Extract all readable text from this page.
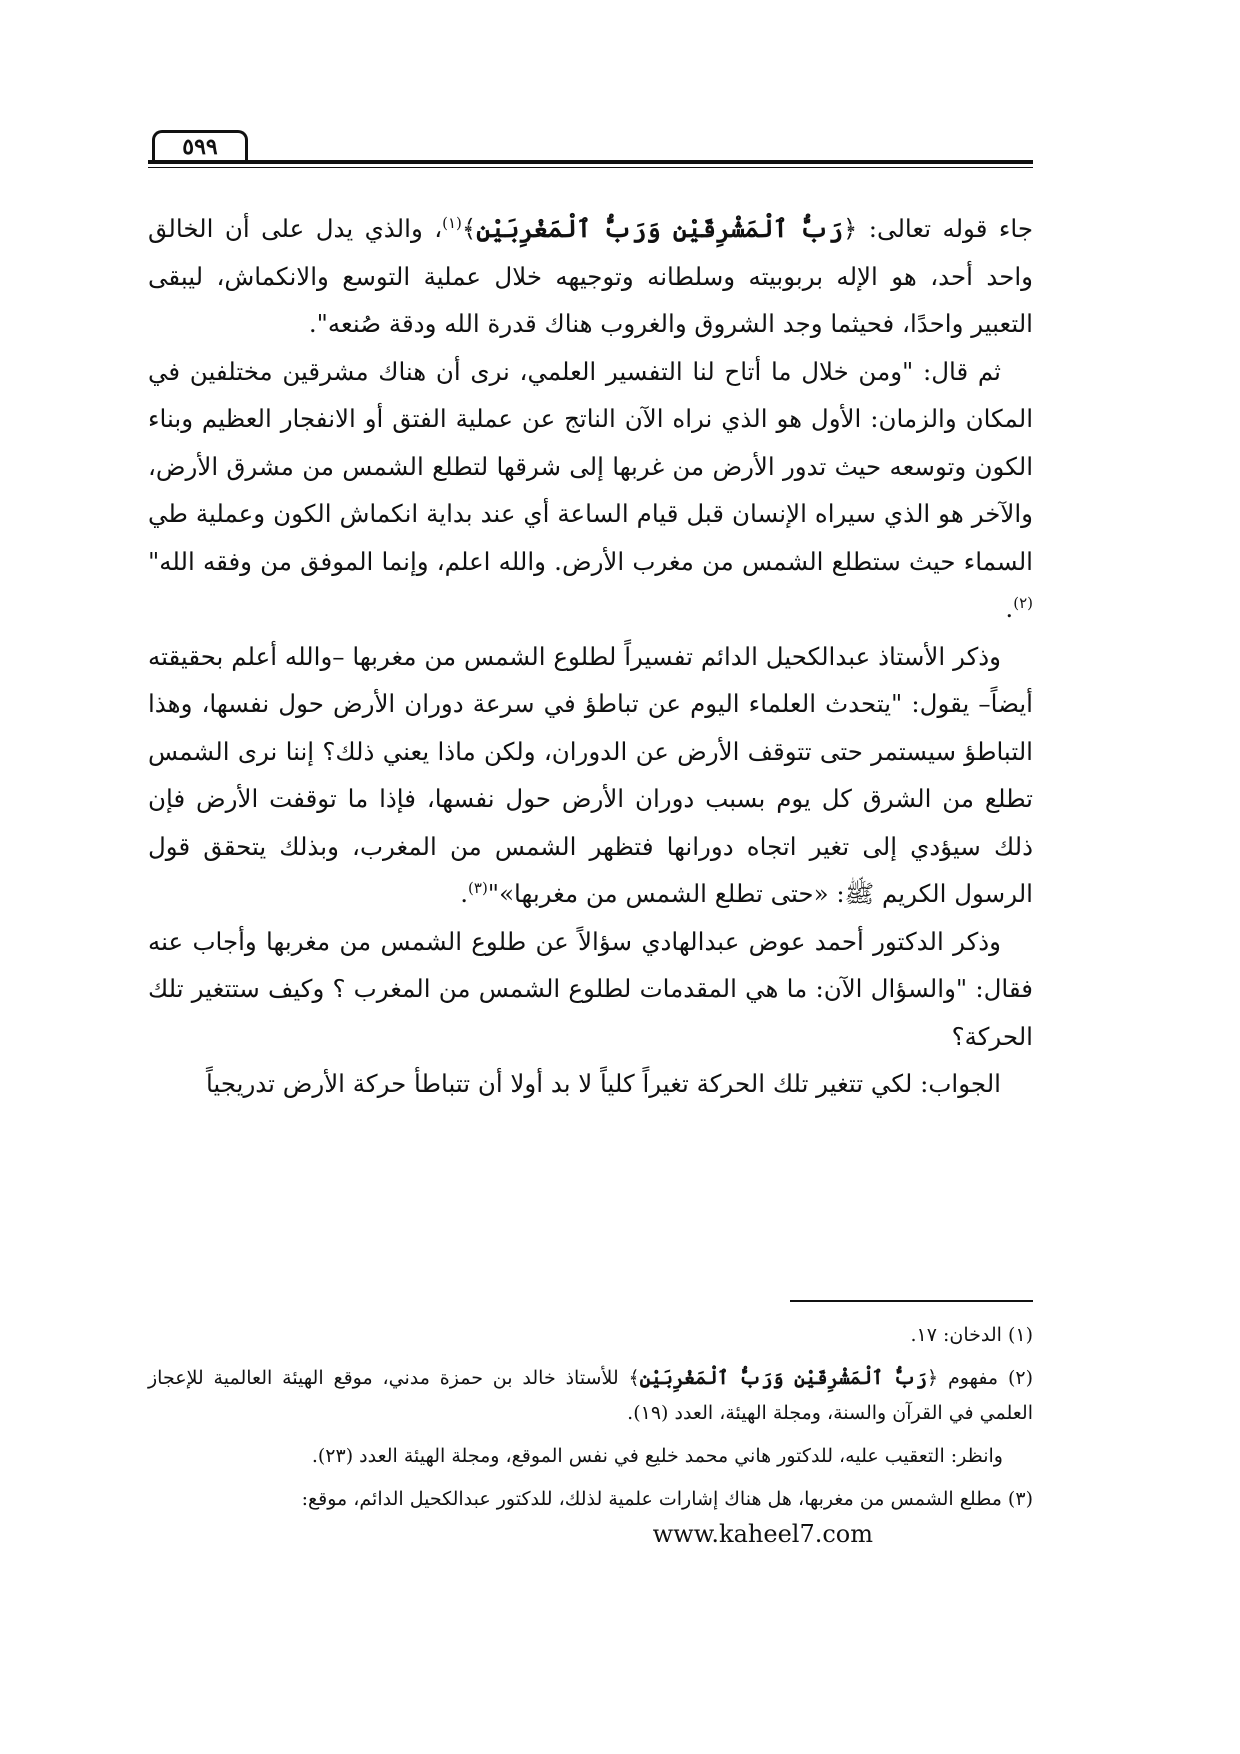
٥٩٩

جاء قوله تعالى: ﴿رَبُّ ٱلْمَشْرِقَيْنِ وَرَبُّ ٱلْمَغْرِبَيْنِ﴾$^{(١)}$، والذي يدل على أن الخالق واحد أحد، هو الإله بربوبيته وسلطانه وتوجيهه خلال عملية التوسع والانكماش، ليبقى التعبير واحدًا، فحيثما وجد الشروق والغروب هناك قدرة الله ودقة صُنعه".

ثم قال: "ومن خلال ما أتاح لنا التفسير العلمي، نرى أن هناك مشرقين مختلفين في المكان والزمان: الأول هو الذي نراه الآن الناتج عن عملية الفتق أو الانفجار العظيم وبناء الكون وتوسعه حيث تدور الأرض من غربها إلى شرقها لتطلع الشمس من مشرق الأرض، والآخر هو الذي سيراه الإنسان قبل قيام الساعة أي عند بداية انكماش الكون وعملية طي السماء حيث ستطلع الشمس من مغرب الأرض. والله اعلم، وإنما الموفق من وفقه الله"$^{(٢)}$.

وذكر الأستاذ عبدالكحيل الدائم تفسيراً لطلوع الشمس من مغربها –والله أعلم بحقيقته أيضاً– يقول: "يتحدث العلماء اليوم عن تباطؤ في سرعة دوران الأرض حول نفسها، وهذا التباطؤ سيستمر حتى تتوقف الأرض عن الدوران، ولكن ماذا يعني ذلك؟ إننا نرى الشمس تطلع من الشرق كل يوم بسبب دوران الأرض حول نفسها، فإذا ما توقفت الأرض فإن ذلك سيؤدي إلى تغير اتجاه دورانها فتظهر الشمس من المغرب، وبذلك يتحقق قول الرسول الكريم ﷺ: «حتى تطلع الشمس من مغربها»"$^{(٣)}$.

وذكر الدكتور أحمد عوض عبدالهادي سؤالاً عن طلوع الشمس من مغربها وأجاب عنه فقال: "والسؤال الآن: ما هي المقدمات لطلوع الشمس من المغرب ؟ وكيف ستتغير تلك الحركة؟

الجواب: لكي تتغير تلك الحركة تغيراً كلياً لا بد أولا أن تتباطأ حركة الأرض تدريجياً

(١) الدخان: ١٧.

(٢) مفهوم ﴿رَبُّ ٱلْمَشْرِقَيْنِ وَرَبُّ ٱلْمَغْرِبَيْنِ﴾ للأستاذ خالد بن حمزة مدني، موقع الهيئة العالمية للإعجاز العلمي في القرآن والسنة، ومجلة الهيئة، العدد (١٩).

وانظر: التعقيب عليه، للدكتور هاني محمد خليع في نفس الموقع، ومجلة الهيئة العدد (٢٣).

(٣) مطلع الشمس من مغربها، هل هناك إشارات علمية لذلك، للدكتور عبدالكحيل الدائم، موقع:

www.kaheel7.com
